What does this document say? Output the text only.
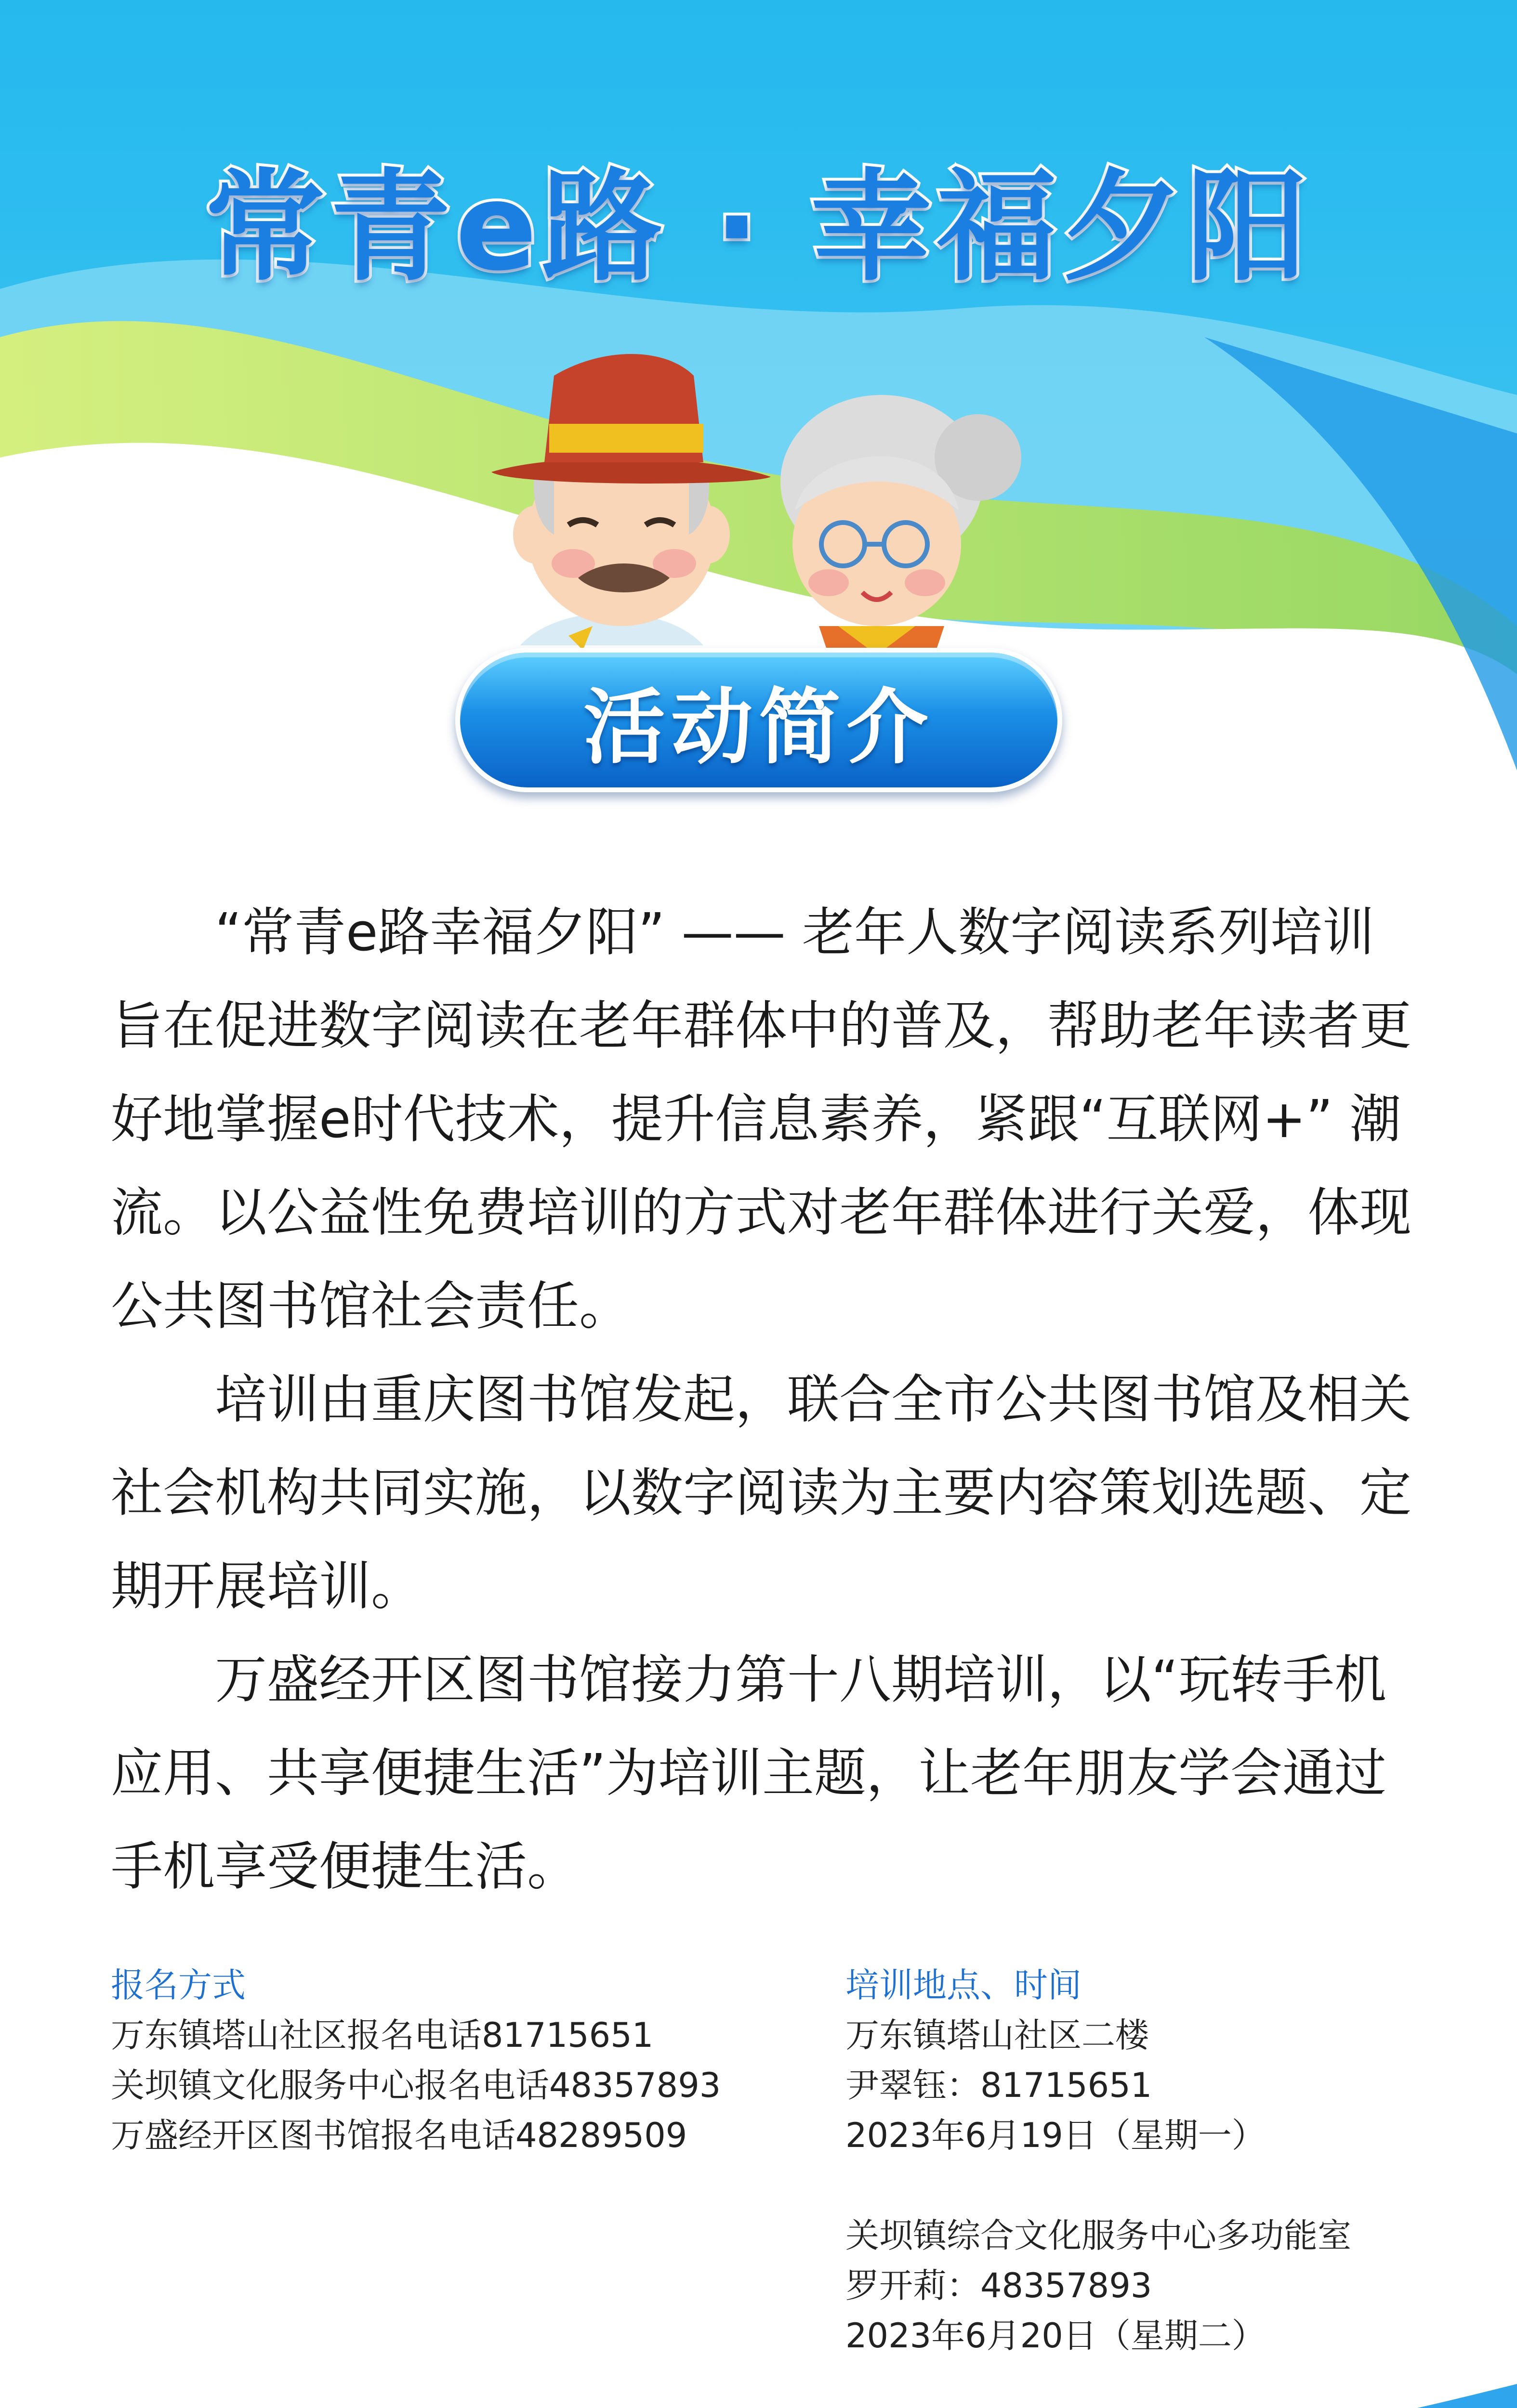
常青e路 · 幸福夕阳
活动简介

“常青e路幸福夕阳” —— 老年人数字阅读系列培训旨在促进数字阅读在老年群体中的普及，帮助老年读者更好地掌握e时代技术，提升信息素养，紧跟“互联网+” 潮流。以公益性免费培训的方式对老年群体进行关爱，体现公共图书馆社会责任。

培训由重庆图书馆发起，联合全市公共图书馆及相关社会机构共同实施，以数字阅读为主要内容策划选题、定期开展培训。

万盛经开区图书馆接力第十八期培训，以“玩转手机应用、共享便捷生活”为培训主题，让老年朋友学会通过手机享受便捷生活。

报名方式
万东镇塔山社区报名电话81715651
关坝镇文化服务中心报名电话48357893
万盛经开区图书馆报名电话48289509
培训地点、时间
万东镇塔山社区二楼
尹翠钰：81715651
2023年6月19日（星期一）
关坝镇综合文化服务中心多功能室
罗开莉：48357893
2023年6月20日（星期二）
